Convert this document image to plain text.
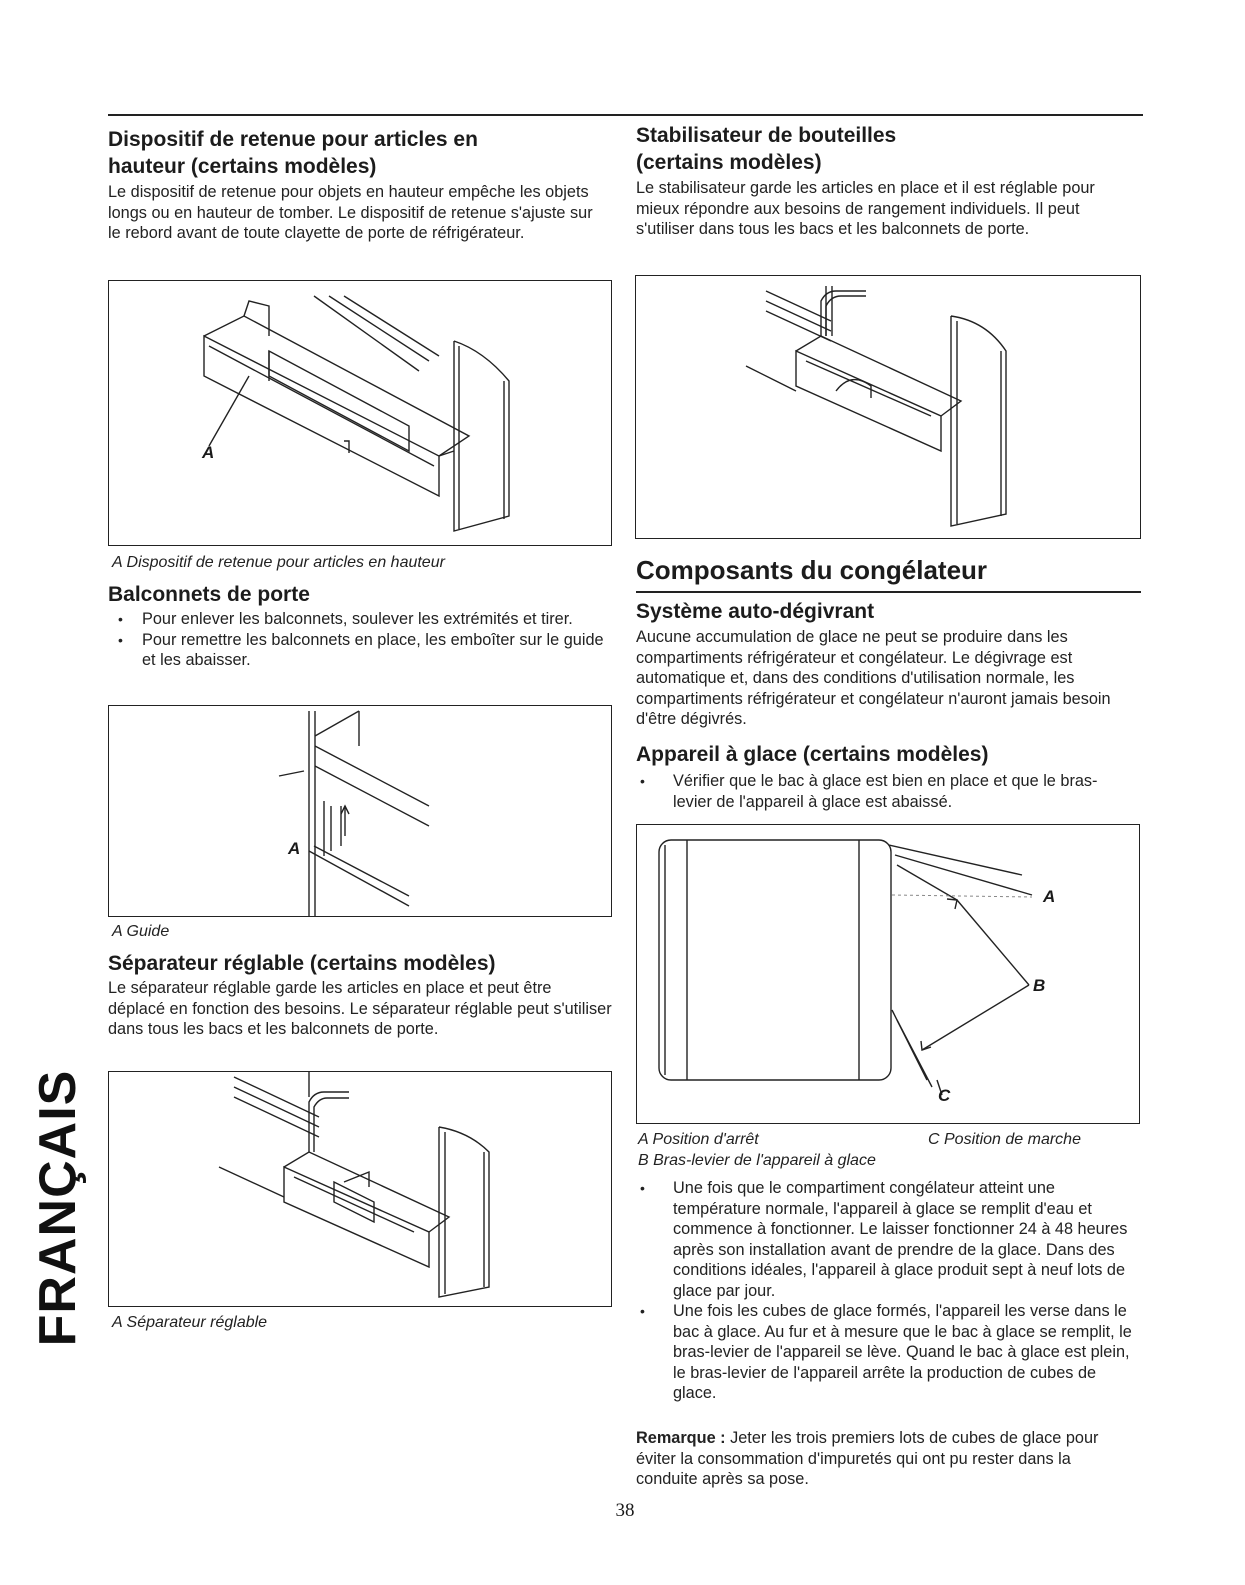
Dispositif de retenue pour articles en
hauteur (certains modèles)
Le dispositif de retenue pour objets en hauteur empêche les objets longs ou en hauteur de tomber. Le dispositif de retenue s'ajuste sur le rebord avant de toute clayette de porte de réfrigérateur.
A
A Dispositif de retenue pour articles en hauteur
Balconnets de porte
• Pour enlever les balconnets, soulever les extrémités et tirer.
• Pour remettre les balconnets en place, les emboîter sur le guide et les abaisser.
A
A Guide
Séparateur réglable (certains modèles)
Le séparateur réglable garde les articles en place et peut être déplacé en fonction des besoins. Le séparateur réglable peut s'utiliser dans tous les bacs et les balconnets de porte.
A Séparateur réglable
FRANÇAIS
Stabilisateur de bouteilles
(certains modèles)
Le stabilisateur garde les articles en place et il est réglable pour mieux répondre aux besoins de rangement individuels. Il peut s'utiliser dans tous les bacs et les balconnets de porte.
Composants du congélateur
Système auto-dégivrant
Aucune accumulation de glace ne peut se produire dans les compartiments réfrigérateur et congélateur. Le dégivrage est automatique et, dans des conditions d'utilisation normale, les compartiments réfrigérateur et congélateur n'auront jamais besoin d'être dégivrés.
Appareil à glace (certains modèles)
• Vérifier que le bac à glace est bien en place et que le bras-levier de l'appareil à glace est abaissé.
A
B
C
A Position d'arrêt	C Position de marche
B Bras-levier de l'appareil à glace
• Une fois que le compartiment congélateur atteint une température normale, l'appareil à glace se remplit d'eau et commence à fonctionner. Le laisser fonctionner 24 à 48 heures après son installation avant de prendre de la glace. Dans des conditions idéales, l'appareil à glace produit sept à neuf lots de glace par jour.
• Une fois les cubes de glace formés, l'appareil les verse dans le bac à glace. Au fur et à mesure que le bac à glace se remplit, le bras-levier de l'appareil se lève. Quand le bac à glace est plein, le bras-levier de l'appareil arrête la production de cubes de glace.
Remarque : Jeter les trois premiers lots de cubes de glace pour éviter la consommation d'impuretés qui ont pu rester dans la conduite après sa pose.
38
